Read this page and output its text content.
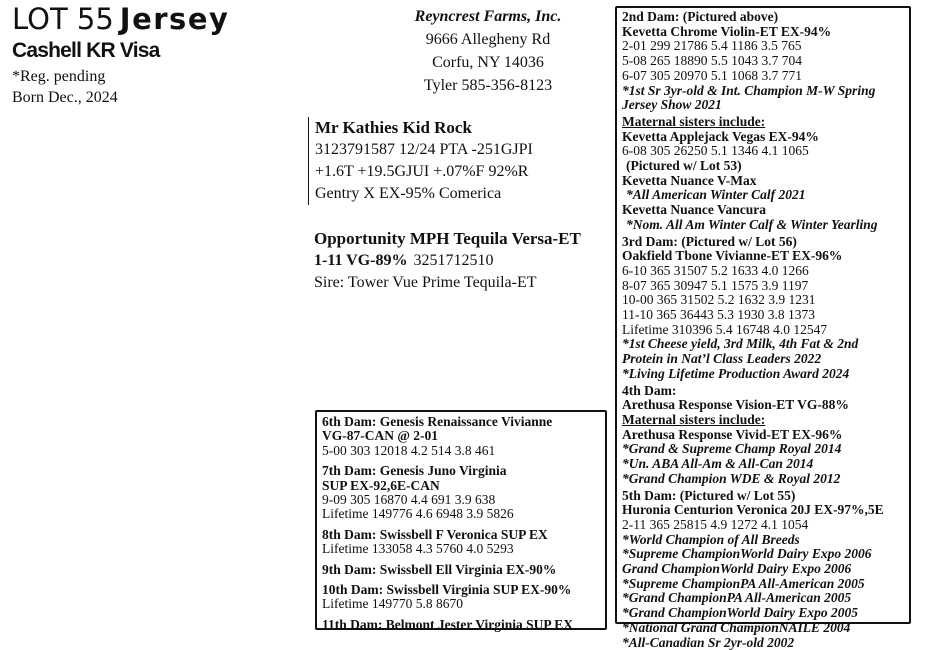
LOT 55 Jersey
Cashell KR Visa
*Reg. pending
Born Dec., 2024
Reyncrest Farms, Inc.
9666 Allegheny Rd
Corfu, NY 14036
Tyler 585-356-8123
Mr Kathies Kid Rock
3123791587 12/24 PTA -251GJPI
+1.6T +19.5GJUI +.07%F 92%R
Gentry X EX-95% Comerica
Opportunity MPH Tequila Versa-ET
1-11 VG-89% 3251712510
Sire: Tower Vue Prime Tequila-ET
2nd Dam: (Pictured above)
Kevetta Chrome Violin-ET EX-94%
2-01 299 21786 5.4 1186 3.5 765
5-08 265 18890 5.5 1043 3.7 704
6-07 305 20970 5.1 1068 3.7 771
*1st Sr 3yr-old & Int. Champion M-W Spring
Jersey Show 2021
Maternal sisters include:
Kevetta Applejack Vegas EX-94%
6-08 305 26250 5.1 1346 4.1 1065
(Pictured w/ Lot 53)
Kevetta Nuance V-Max
*All American Winter Calf 2021
Kevetta Nuance Vancura
*Nom. All Am Winter Calf & Winter Yearling
3rd Dam: (Pictured w/ Lot 56)
Oakfield Tbone Vivianne-ET EX-96%
6-10 365 31507 5.2 1633 4.0 1266
8-07 365 30947 5.1 1575 3.9 1197
10-00 365 31502 5.2 1632 3.9 1231
11-10 365 36443 5.3 1930 3.8 1373
Lifetime 310396 5.4 16748 4.0 12547
*1st Cheese yield, 3rd Milk, 4th Fat & 2nd
Protein in Nat’l Class Leaders 2022
*Living Lifetime Production Award 2024
4th Dam:
Arethusa Response Vision-ET VG-88%
Maternal sisters include:
Arethusa Response Vivid-ET EX-96%
*Grand & Supreme Champ Royal 2014
*Un. ABA All-Am & All-Can 2014
*Grand Champion WDE & Royal 2012
5th Dam: (Pictured w/ Lot 55)
Huronia Centurion Veronica 20J EX-97%,5E
2-11 365 25815 4.9 1272 4.1 1054
*World Champion of All Breeds
*Supreme ChampionWorld Dairy Expo 2006
Grand ChampionWorld Dairy Expo 2006
*Supreme ChampionPA All-American 2005
*Grand ChampionPA All-American 2005
*Grand ChampionWorld Dairy Expo 2005
*National Grand ChampionNAILE 2004
*All-Canadian Sr 2yr-old 2002
6th Dam: Genesis Renaissance Vivianne
VG-87-CAN @ 2-01
5-00 303 12018 4.2 514 3.8 461
7th Dam: Genesis Juno Virginia
SUP EX-92,6E-CAN
9-09 305 16870 4.4 691 3.9 638
Lifetime 149776 4.6 6948 3.9 5826
8th Dam: Swissbell F Veronica SUP EX
Lifetime 133058 4.3 5760 4.0 5293
9th Dam: Swissbell Ell Virginia EX-90%
10th Dam: Swissbell Virginia SUP EX-90%
Lifetime 149770 5.8 8670
11th Dam: Belmont Jester Virginia SUP EX
